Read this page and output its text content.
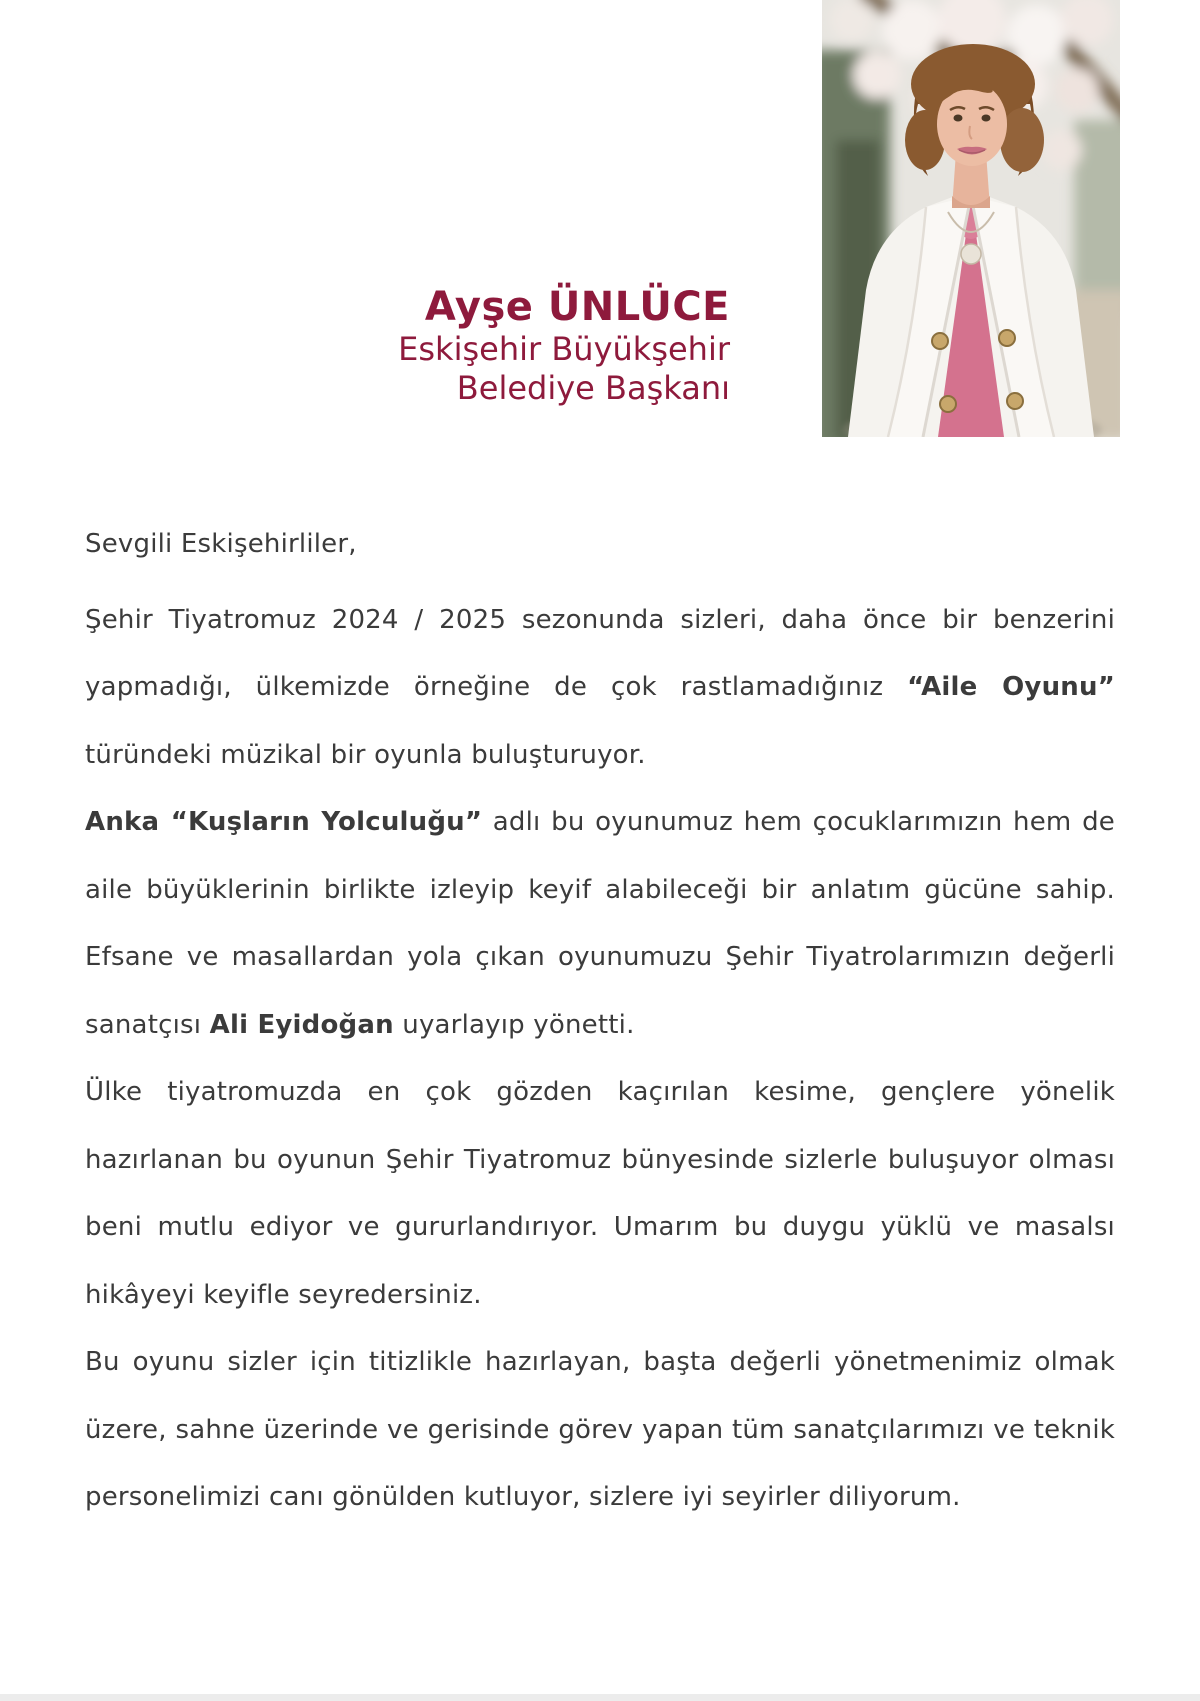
Ayşe ÜNLÜCE
Eskişehir Büyükşehir
Belediye Başkanı

Sevgili Eskişehirliler,

Şehir Tiyatromuz 2024 / 2025 sezonunda sizleri, daha önce bir benzerini yapmadığı, ülkemizde örneğine de çok rastlamadığınız “Aile Oyunu” türündeki müzikal bir oyunla buluşturuyor.

Anka “Kuşların Yolculuğu” adlı bu oyunumuz hem çocuklarımızın hem de aile büyüklerinin birlikte izleyip keyif alabileceği bir anlatım gücüne sahip. Efsane ve masallardan yola çıkan oyunumuzu Şehir Tiyatrolarımızın değerli sanatçısı Ali Eyidoğan uyarlayıp yönetti.

Ülke tiyatromuzda en çok gözden kaçırılan kesime, gençlere yönelik hazırlanan bu oyunun Şehir Tiyatromuz bünyesinde sizlerle buluşuyor olması beni mutlu ediyor ve gururlandırıyor. Umarım bu duygu yüklü ve masalsı hikâyeyi keyifle seyredersiniz.

Bu oyunu sizler için titizlikle hazırlayan, başta değerli yönetmenimiz olmak üzere, sahne üzerinde ve gerisinde görev yapan tüm sanatçılarımızı ve teknik personelimizi canı gönülden kutluyor, sizlere iyi seyirler diliyorum.
